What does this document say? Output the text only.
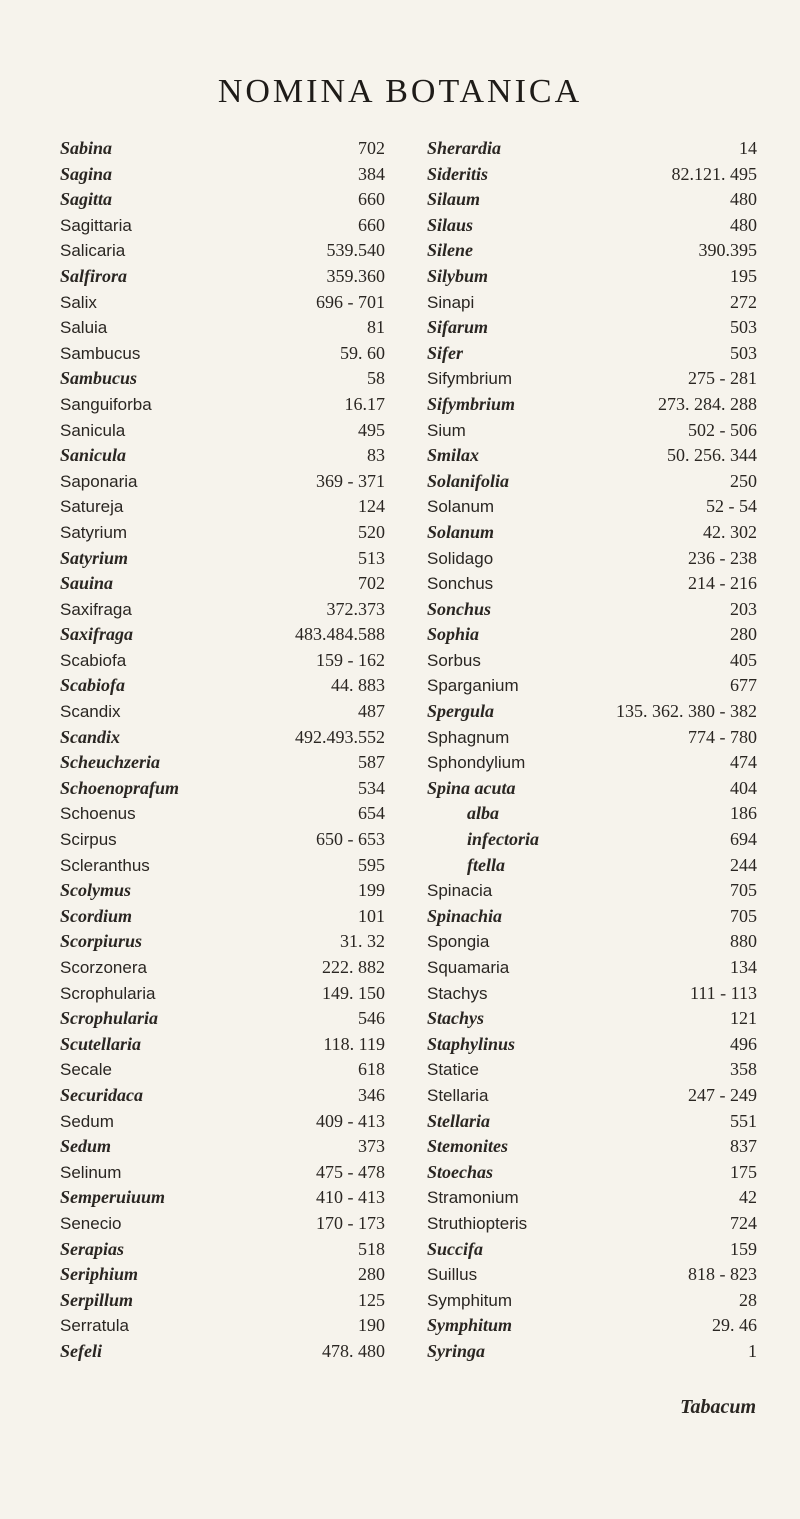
NOMINA BOTANICA
Sabina	702
Sagina	384
Sagitta	660
Sagittaria	660
Salicaria	539.540
Salfirora	359.360
Salix	696 - 701
Saluia	81
Sambucus	59. 60
Sambucus	58
Sanguiforba	16.17
Sanicula	495
Sanicula	83
Saponaria	369 - 371
Satureja	124
Satyrium	520
Satyrium	513
Sauina	702
Saxifraga	372.373
Saxifraga	483.484.588
Scabiofa	159 - 162
Scabiofa	44. 883
Scandix	487
Scandix	492.493.552
Scheuchzeria	587
Schoenoprafum	534
Schoenus	654
Scirpus	650 - 653
Scleranthus	595
Scolymus	199
Scordium	101
Scorpiurus	31. 32
Scorzonera	222. 882
Scrophularia	149. 150
Scrophularia	546
Scutellaria	118. 119
Secale	618
Securidaca	346
Sedum	409 - 413
Sedum	373
Selinum	475 - 478
Semperuiuum	410 - 413
Senecio	170 - 173
Serapias	518
Seriphium	280
Serpillum	125
Serratula	190
Sefeli	478. 480
Sherardia	14
Sideritis	82.121. 495
Silaum	480
Silaus	480
Silene	390.395
Silybum	195
Sinapi	272
Sifarum	503
Sifer	503
Sifymbrium	275 - 281
Sifymbrium	273. 284. 288
Sium	502 - 506
Smilax	50. 256. 344
Solanifolia	250
Solanum	52 - 54
Solanum	42. 302
Solidago	236 - 238
Sonchus	214 - 216
Sonchus	203
Sophia	280
Sorbus	405
Sparganium	677
Spergula	135. 362. 380 - 382
Sphagnum	774 - 780
Sphondylium	474
Spina acuta	404
alba	186
infectoria	694
ftella	244
Spinacia	705
Spinachia	705
Spongia	880
Squamaria	134
Stachys	111 - 113
Stachys	121
Staphylinus	496
Statice	358
Stellaria	247 - 249
Stellaria	551
Stemonites	837
Stoechas	175
Stramonium	42
Struthiopteris	724
Succifa	159
Suillus	818 - 823
Symphitum	28
Symphitum	29. 46
Syringa	1
Tabacum
